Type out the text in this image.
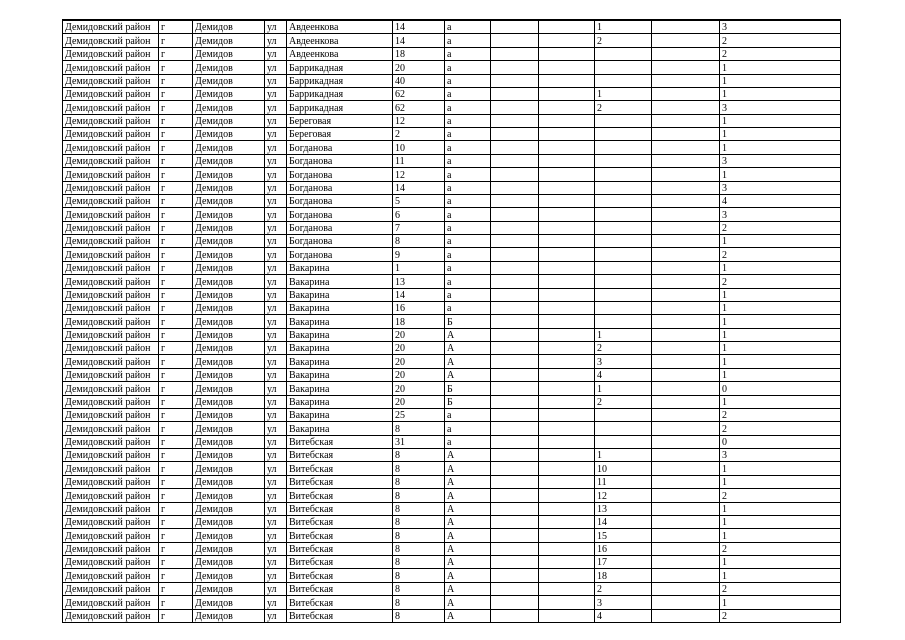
Демидовский район	г	Демидов	ул	Авдеенкова	14	а			1		3
Демидовский район	г	Демидов	ул	Авдеенкова	14	а			2		2
Демидовский район	г	Демидов	ул	Авдеенкова	18	а					2
Демидовский район	г	Демидов	ул	Баррикадная	20	а					1
Демидовский район	г	Демидов	ул	Баррикадная	40	а					1
Демидовский район	г	Демидов	ул	Баррикадная	62	а			1		1
Демидовский район	г	Демидов	ул	Баррикадная	62	а			2		3
Демидовский район	г	Демидов	ул	Береговая	12	а					1
Демидовский район	г	Демидов	ул	Береговая	2	а					1
Демидовский район	г	Демидов	ул	Богданова	10	а					1
Демидовский район	г	Демидов	ул	Богданова	11	а					3
Демидовский район	г	Демидов	ул	Богданова	12	а					1
Демидовский район	г	Демидов	ул	Богданова	14	а					3
Демидовский район	г	Демидов	ул	Богданова	5	а					4
Демидовский район	г	Демидов	ул	Богданова	6	а					3
Демидовский район	г	Демидов	ул	Богданова	7	а					2
Демидовский район	г	Демидов	ул	Богданова	8	а					1
Демидовский район	г	Демидов	ул	Богданова	9	а					2
Демидовский район	г	Демидов	ул	Вакарина	1	а					1
Демидовский район	г	Демидов	ул	Вакарина	13	а					2
Демидовский район	г	Демидов	ул	Вакарина	14	а					1
Демидовский район	г	Демидов	ул	Вакарина	16	а					1
Демидовский район	г	Демидов	ул	Вакарина	18	Б					1
Демидовский район	г	Демидов	ул	Вакарина	20	А			1		1
Демидовский район	г	Демидов	ул	Вакарина	20	А			2		1
Демидовский район	г	Демидов	ул	Вакарина	20	А			3		1
Демидовский район	г	Демидов	ул	Вакарина	20	А			4		1
Демидовский район	г	Демидов	ул	Вакарина	20	Б			1		0
Демидовский район	г	Демидов	ул	Вакарина	20	Б			2		1
Демидовский район	г	Демидов	ул	Вакарина	25	а					2
Демидовский район	г	Демидов	ул	Вакарина	8	а					2
Демидовский район	г	Демидов	ул	Витебская	31	а					0
Демидовский район	г	Демидов	ул	Витебская	8	А			1		3
Демидовский район	г	Демидов	ул	Витебская	8	А			10		1
Демидовский район	г	Демидов	ул	Витебская	8	А			11		1
Демидовский район	г	Демидов	ул	Витебская	8	А			12		2
Демидовский район	г	Демидов	ул	Витебская	8	А			13		1
Демидовский район	г	Демидов	ул	Витебская	8	А			14		1
Демидовский район	г	Демидов	ул	Витебская	8	А			15		1
Демидовский район	г	Демидов	ул	Витебская	8	А			16		2
Демидовский район	г	Демидов	ул	Витебская	8	А			17		1
Демидовский район	г	Демидов	ул	Витебская	8	А			18		1
Демидовский район	г	Демидов	ул	Витебская	8	А			2		2
Демидовский район	г	Демидов	ул	Витебская	8	А			3		1
Демидовский район	г	Демидов	ул	Витебская	8	А			4		2
